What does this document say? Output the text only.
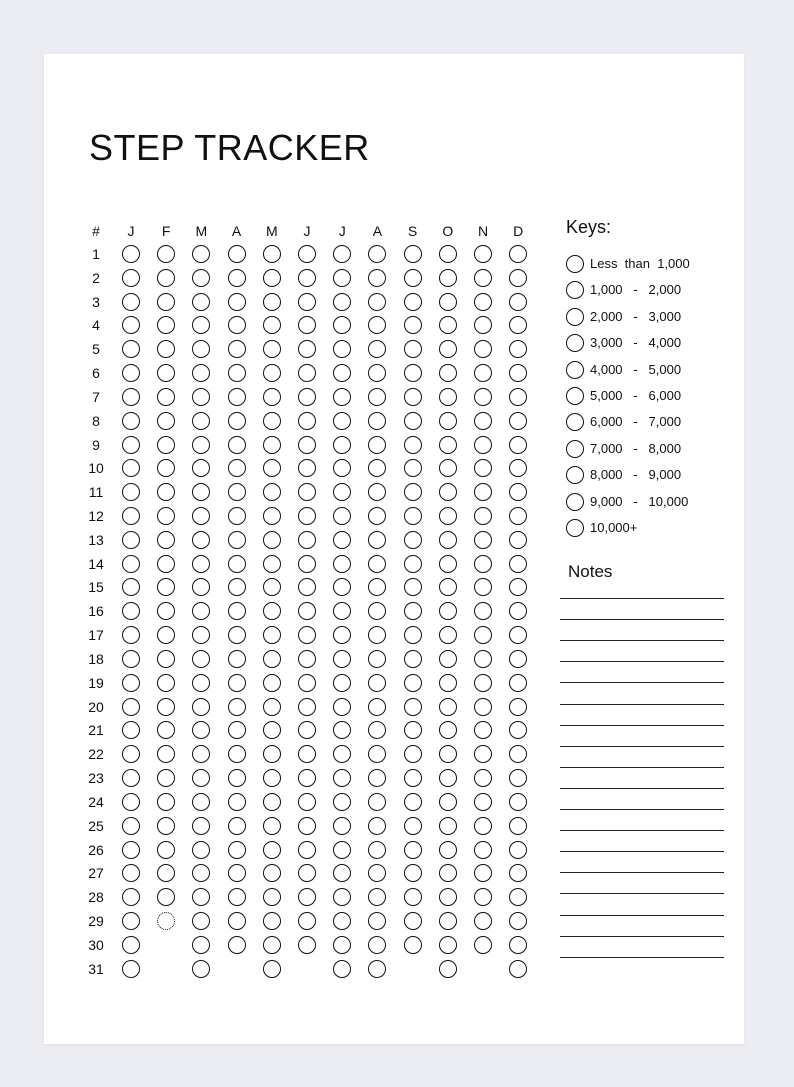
STEP TRACKER
#	J	F	M	A	M	J	J	A	S	O	N	D
1
2
3
4
5
6
7
8
9
10
11
12
13
14
15
16
17
18
19
20
21
22
23
24
25
26
27
28
29
30
31
Keys:
Less  than  1,000
1,000   -   2,000
2,000   -   3,000
3,000   -   4,000
4,000   -   5,000
5,000   -   6,000
6,000   -   7,000
7,000   -   8,000
8,000   -   9,000
9,000   -   10,000
10,000+
Notes
